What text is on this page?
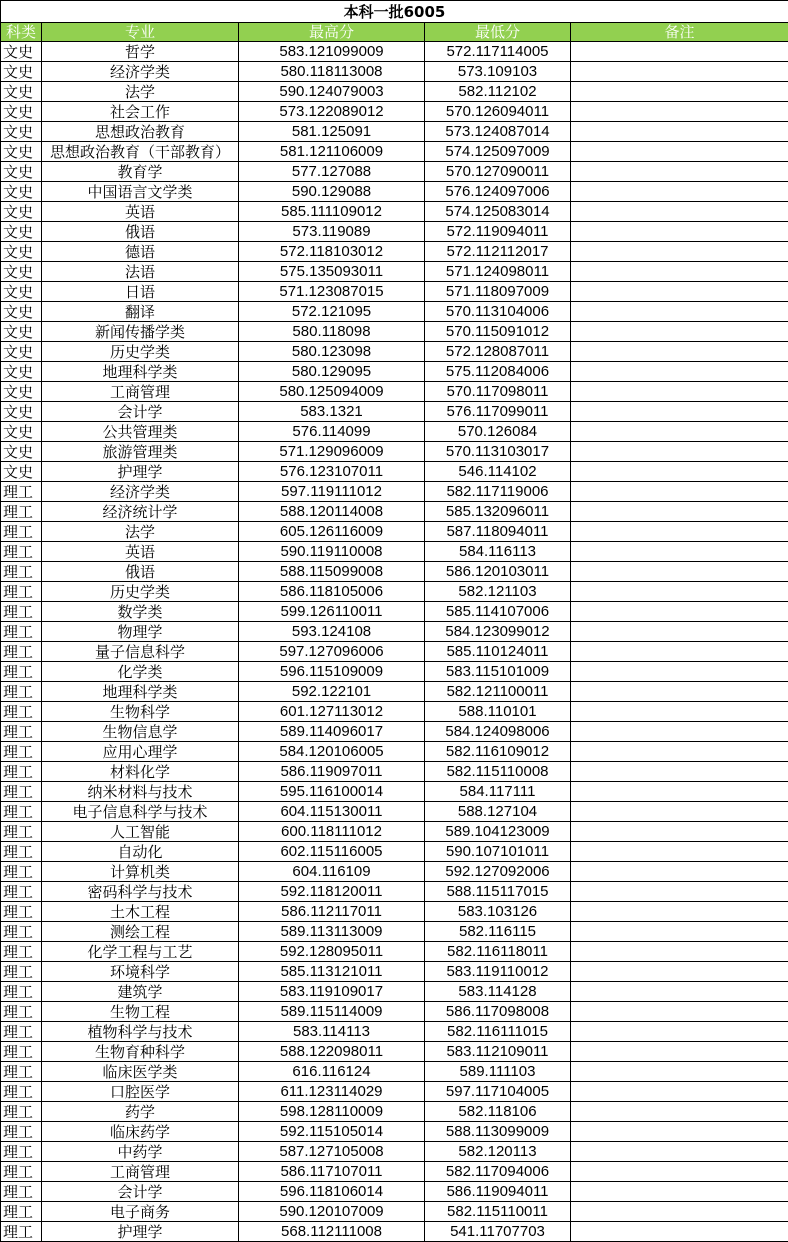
本科一批6005				
科类	专业	最高分	最低分	备注
文史	哲学	583.121099009	572.117114005	
文史	经济学类	580.118113008	573.109103	
文史	法学	590.124079003	582.112102	
文史	社会工作	573.122089012	570.126094011	
文史	思想政治教育	581.125091	573.124087014	
文史	思想政治教育（干部教育）	581.121106009	574.125097009	
文史	教育学	577.127088	570.127090011	
文史	中国语言文学类	590.129088	576.124097006	
文史	英语	585.111109012	574.125083014	
文史	俄语	573.119089	572.119094011	
文史	德语	572.118103012	572.112112017	
文史	法语	575.135093011	571.124098011	
文史	日语	571.123087015	571.118097009	
文史	翻译	572.121095	570.113104006	
文史	新闻传播学类	580.118098	570.115091012	
文史	历史学类	580.123098	572.128087011	
文史	地理科学类	580.129095	575.112084006	
文史	工商管理	580.125094009	570.117098011	
文史	会计学	583.1321	576.117099011	
文史	公共管理类	576.114099	570.126084	
文史	旅游管理类	571.129096009	570.113103017	
文史	护理学	576.123107011	546.114102	
理工	经济学类	597.119111012	582.117119006	
理工	经济统计学	588.120114008	585.132096011	
理工	法学	605.126116009	587.118094011	
理工	英语	590.119110008	584.116113	
理工	俄语	588.115099008	586.120103011	
理工	历史学类	586.118105006	582.121103	
理工	数学类	599.126110011	585.114107006	
理工	物理学	593.124108	584.123099012	
理工	量子信息科学	597.127096006	585.110124011	
理工	化学类	596.115109009	583.115101009	
理工	地理科学类	592.122101	582.121100011	
理工	生物科学	601.127113012	588.110101	
理工	生物信息学	589.114096017	584.124098006	
理工	应用心理学	584.120106005	582.116109012	
理工	材料化学	586.119097011	582.115110008	
理工	纳米材料与技术	595.116100014	584.117111	
理工	电子信息科学与技术	604.115130011	588.127104	
理工	人工智能	600.118111012	589.104123009	
理工	自动化	602.115116005	590.107101011	
理工	计算机类	604.116109	592.127092006	
理工	密码科学与技术	592.118120011	588.115117015	
理工	土木工程	586.112117011	583.103126	
理工	测绘工程	589.113113009	582.116115	
理工	化学工程与工艺	592.128095011	582.116118011	
理工	环境科学	585.113121011	583.119110012	
理工	建筑学	583.119109017	583.114128	
理工	生物工程	589.115114009	586.117098008	
理工	植物科学与技术	583.114113	582.116111015	
理工	生物育种科学	588.122098011	583.112109011	
理工	临床医学类	616.116124	589.111103	
理工	口腔医学	611.123114029	597.117104005	
理工	药学	598.128110009	582.118106	
理工	临床药学	592.115105014	588.113099009	
理工	中药学	587.127105008	582.120113	
理工	工商管理	586.117107011	582.117094006	
理工	会计学	596.118106014	586.119094011	
理工	电子商务	590.120107009	582.115110011	
理工	护理学	568.112111008	541.11707703	
